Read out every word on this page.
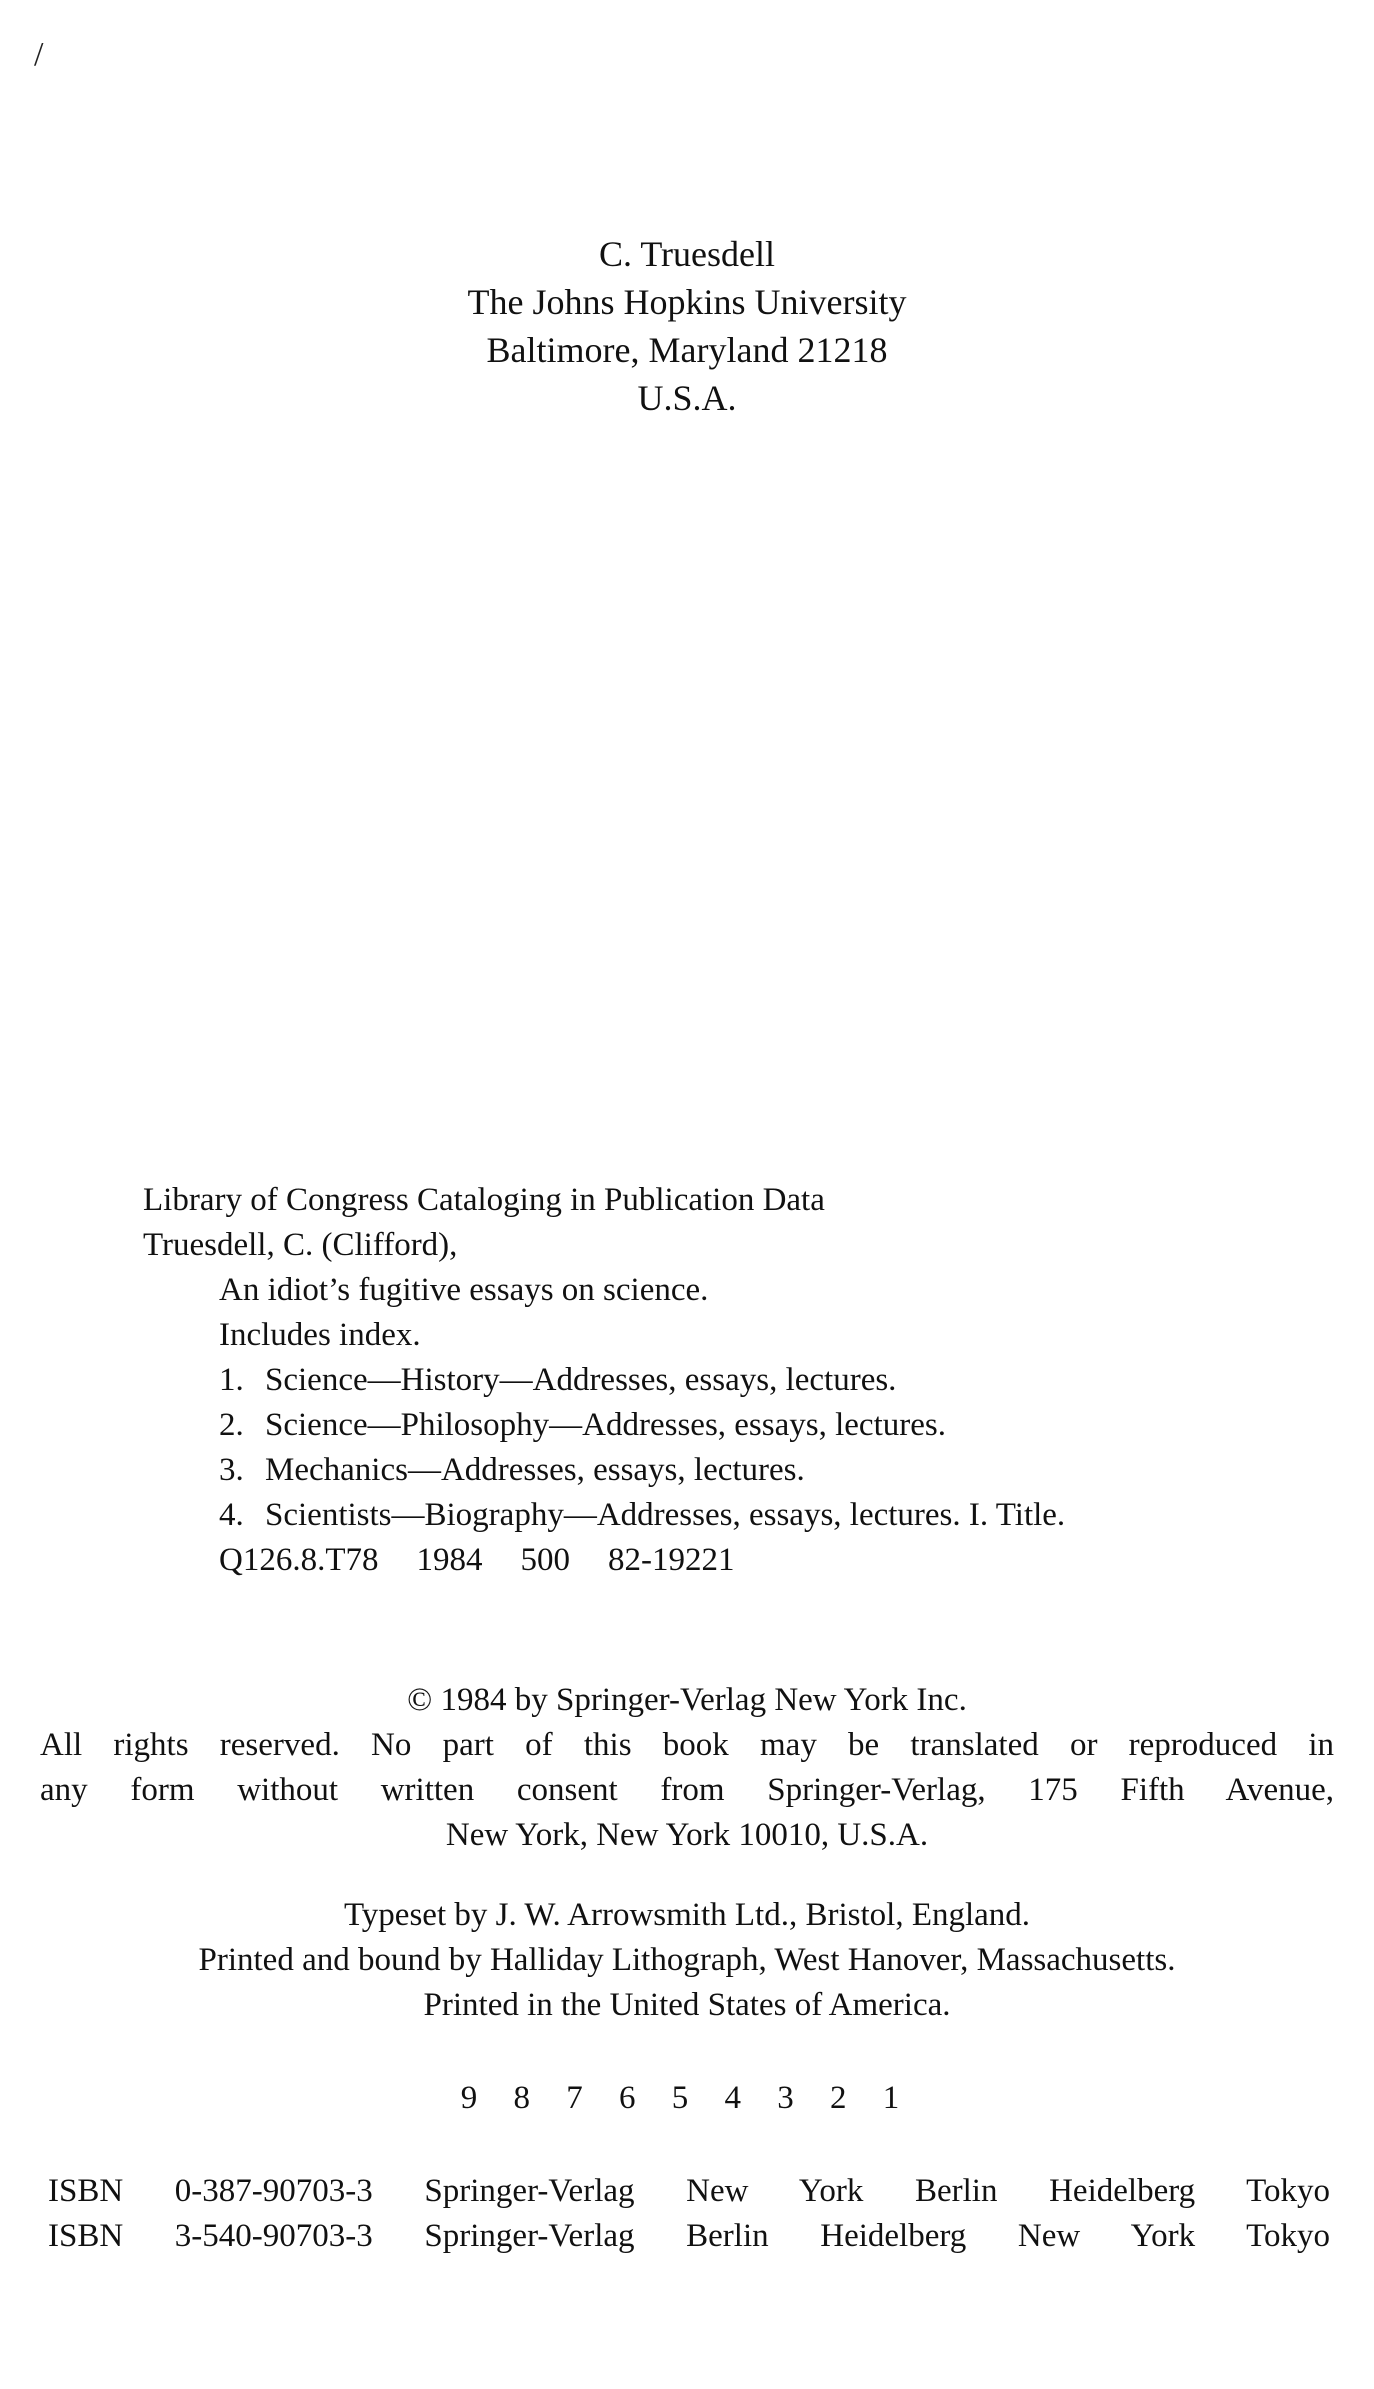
/
C. Truesdell
The Johns Hopkins University
Baltimore, Maryland 21218
U.S.A.
Library of Congress Cataloging in Publication Data
Truesdell, C. (Clifford),
An idiot’s fugitive essays on science.
Includes index.
1. Science—History—Addresses, essays, lectures.
2. Science—Philosophy—Addresses, essays, lectures.
3. Mechanics—Addresses, essays, lectures.
4. Scientists—Biography—Addresses, essays, lectures. I. Title.
Q126.8.T78 1984 500 82-19221
© 1984 by Springer-Verlag New York Inc.
All rights reserved. No part of this book may be translated or reproduced in
any form without written consent from Springer-Verlag, 175 Fifth Avenue,
New York, New York 10010, U.S.A.
Typeset by J. W. Arrowsmith Ltd., Bristol, England.
Printed and bound by Halliday Lithograph, West Hanover, Massachusetts.
Printed in the United States of America.
9 8 7 6 5 4 3 2 1
ISBN 0-387-90703-3 Springer-Verlag New York Berlin Heidelberg Tokyo
ISBN 3-540-90703-3 Springer-Verlag Berlin Heidelberg New York Tokyo
